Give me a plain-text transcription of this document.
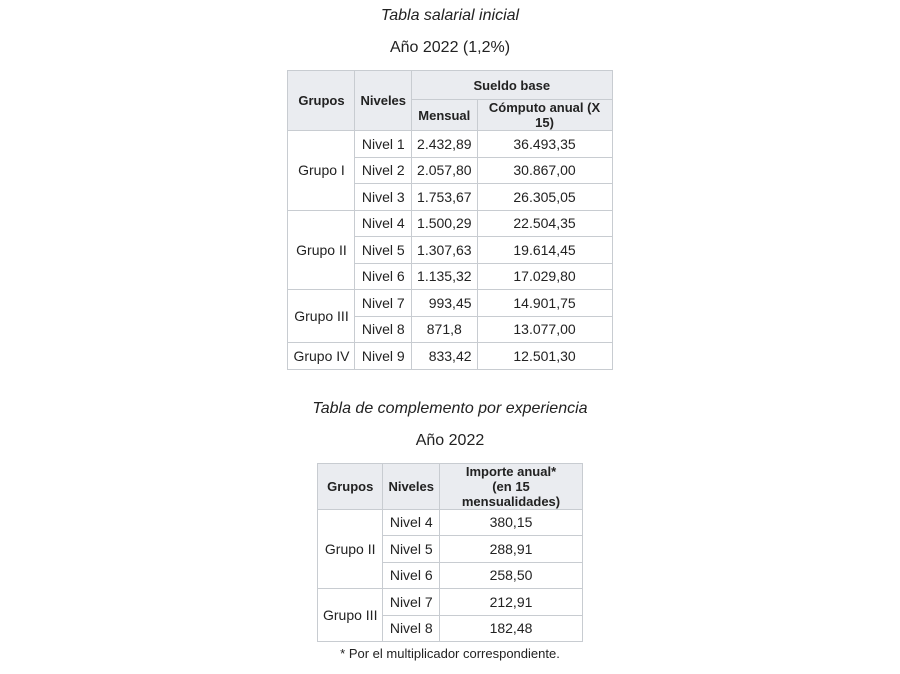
Tabla salarial inicial

Año 2022 (1,2%)

Grupos	Niveles	Sueldo base	
		Mensual	Cómputo anual (X 15)
Grupo I	Nivel 1	2.432,89	36.493,35
	Nivel 2	2.057,80	30.867,00
	Nivel 3	1.753,67	26.305,05
Grupo II	Nivel 4	1.500,29	22.504,35
	Nivel 5	1.307,63	19.614,45
	Nivel 6	1.135,32	17.029,80
Grupo III	Nivel 7	993,45	14.901,75
	Nivel 8	871,8	13.077,00
Grupo IV	Nivel 9	833,42	12.501,30

Tabla de complemento por experiencia

Año 2022

Grupos	Niveles	Importe anual*
(en 15 mensualidades)
Grupo II	Nivel 4	380,15
	Nivel 5	288,91
	Nivel 6	258,50
Grupo III	Nivel 7	212,91
	Nivel 8	182,48

* Por el multiplicador correspondiente.
